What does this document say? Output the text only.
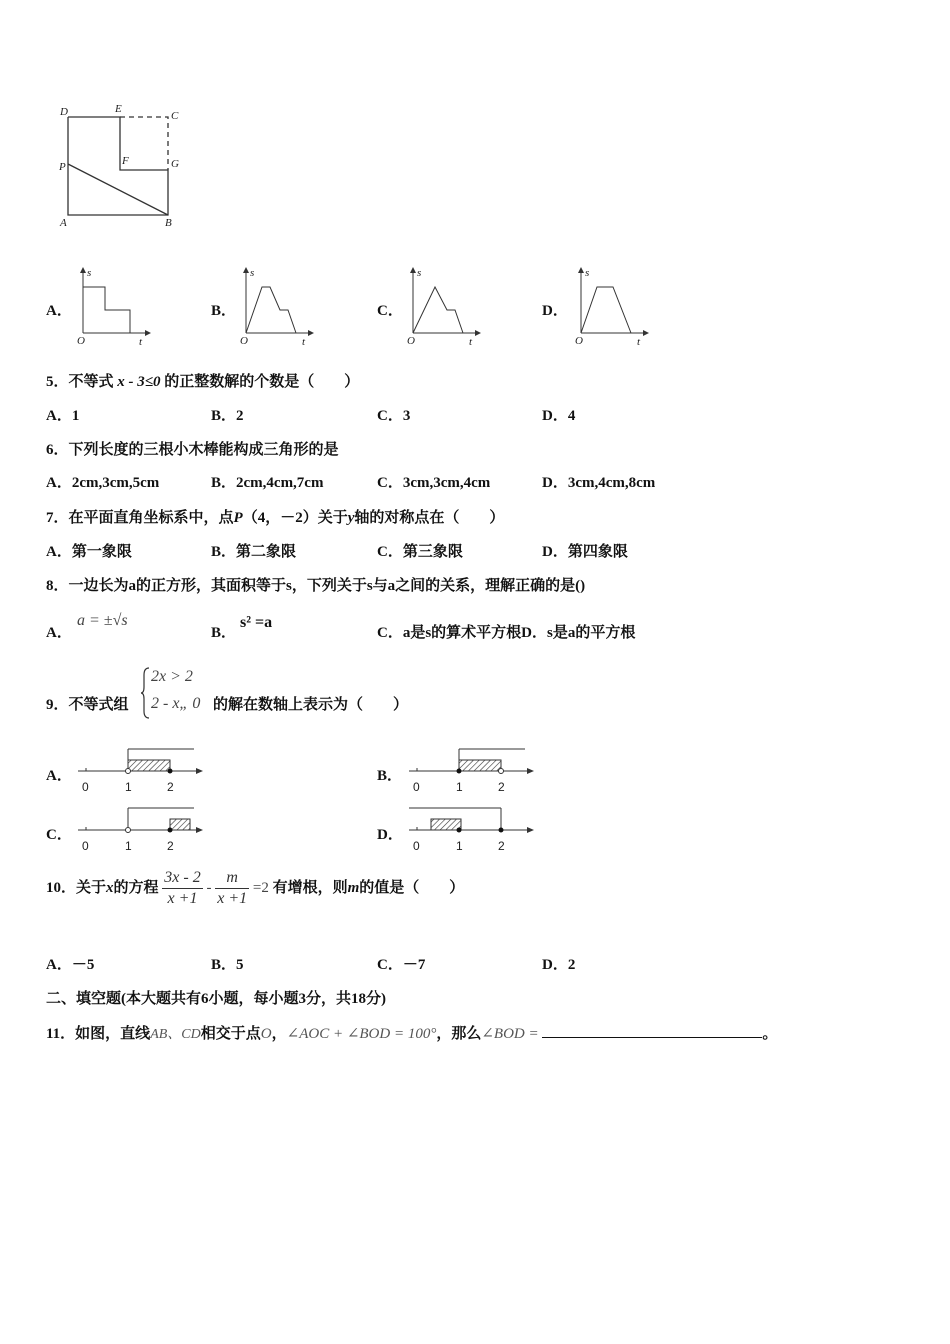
D	E
C
P	F	G
A	B
A．
s
O	t
B．
s
O	t
C．
s
O	t
D．
s
O	t
5．不等式 x - 3≤0 的正整数解的个数是（　　）
A．1	B．2	C．3	D．4
6．下列长度的三根小木棒能构成三角形的是
A．2cm,3cm,5cm	B．2cm,4cm,7cm	C．3cm,3cm,4cm	D．3cm,4cm,8cm
7．在平面直角坐标系中，点P（4，－2）关于y轴的对称点在（　　）
A．第一象限	B．第二象限	C．第三象限	D．第四象限
8．一边长为a的正方形，其面积等于s，下列关于s与a之间的关系，理解正确的是()
A．
a = ±√s
B．
s² =a
C．a是s的算术平方根D．s是a的平方根
9．不等式组
2x > 2
2 - x„ 0 的解在数轴上表示为（　　）
A．
0	1	2
B．
0	1	2
C．
0	1	2
D．
0	1	2
10．关于x的方程 $\frac{3x - 2}{x +1} - \frac{m}{x +1} =2$ 有增根，则m的值是（　　）
A．－5	B．5	C．－7	D．2
二、填空题(本大题共有6小题，每小题3分，共18分)
11．如图，直线AB、CD相交于点O，∠AOC + ∠BOD = 100°，那么∠BOD =	。
